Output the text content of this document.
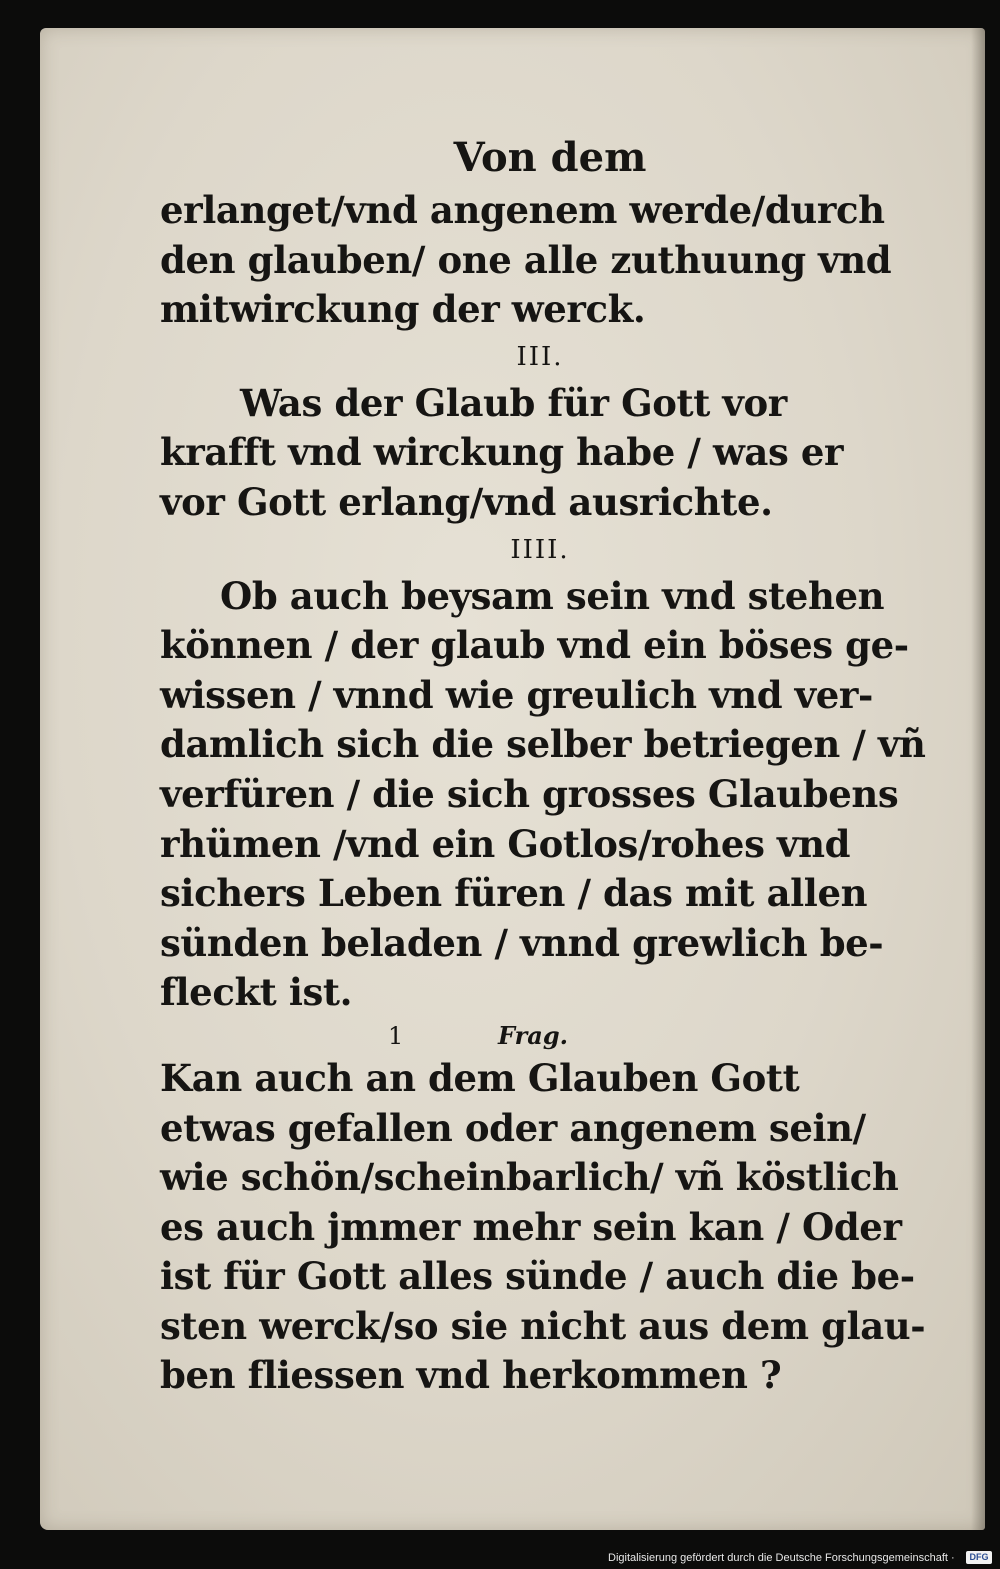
Von dem
erlanget/vnd angenem werde/durch
den glauben/ one alle zuthuung vnd
mitwirckung der werck.
III.
Was der Glaub für Gott vor
krafft vnd wirckung habe / was er
vor Gott erlang/vnd ausrichte.
IIII.
Ob auch beysam sein vnd stehen
können / der glaub vnd ein böses ge-
wissen / vnnd wie greulich vnd ver-
damlich sich die selber betriegen / vñ
verfüren / die sich grosses Glaubens
rhümen /vnd ein Gotlos/rohes vnd
sichers Leben füren / das mit allen
sünden beladen / vnnd grewlich be-
fleckt ist.
1	Frag.
Kan auch an dem Glauben Gott
etwas gefallen oder angenem sein/
wie schön/scheinbarlich/ vñ köstlich
es auch jmmer mehr sein kan / Oder
ist für Gott alles sünde / auch die be-
sten werck/so sie nicht aus dem glau-
ben fliessen vnd herkommen ?
Digitalisierung gefördert durch die Deutsche Forschungsgemeinschaft ·	DFG
